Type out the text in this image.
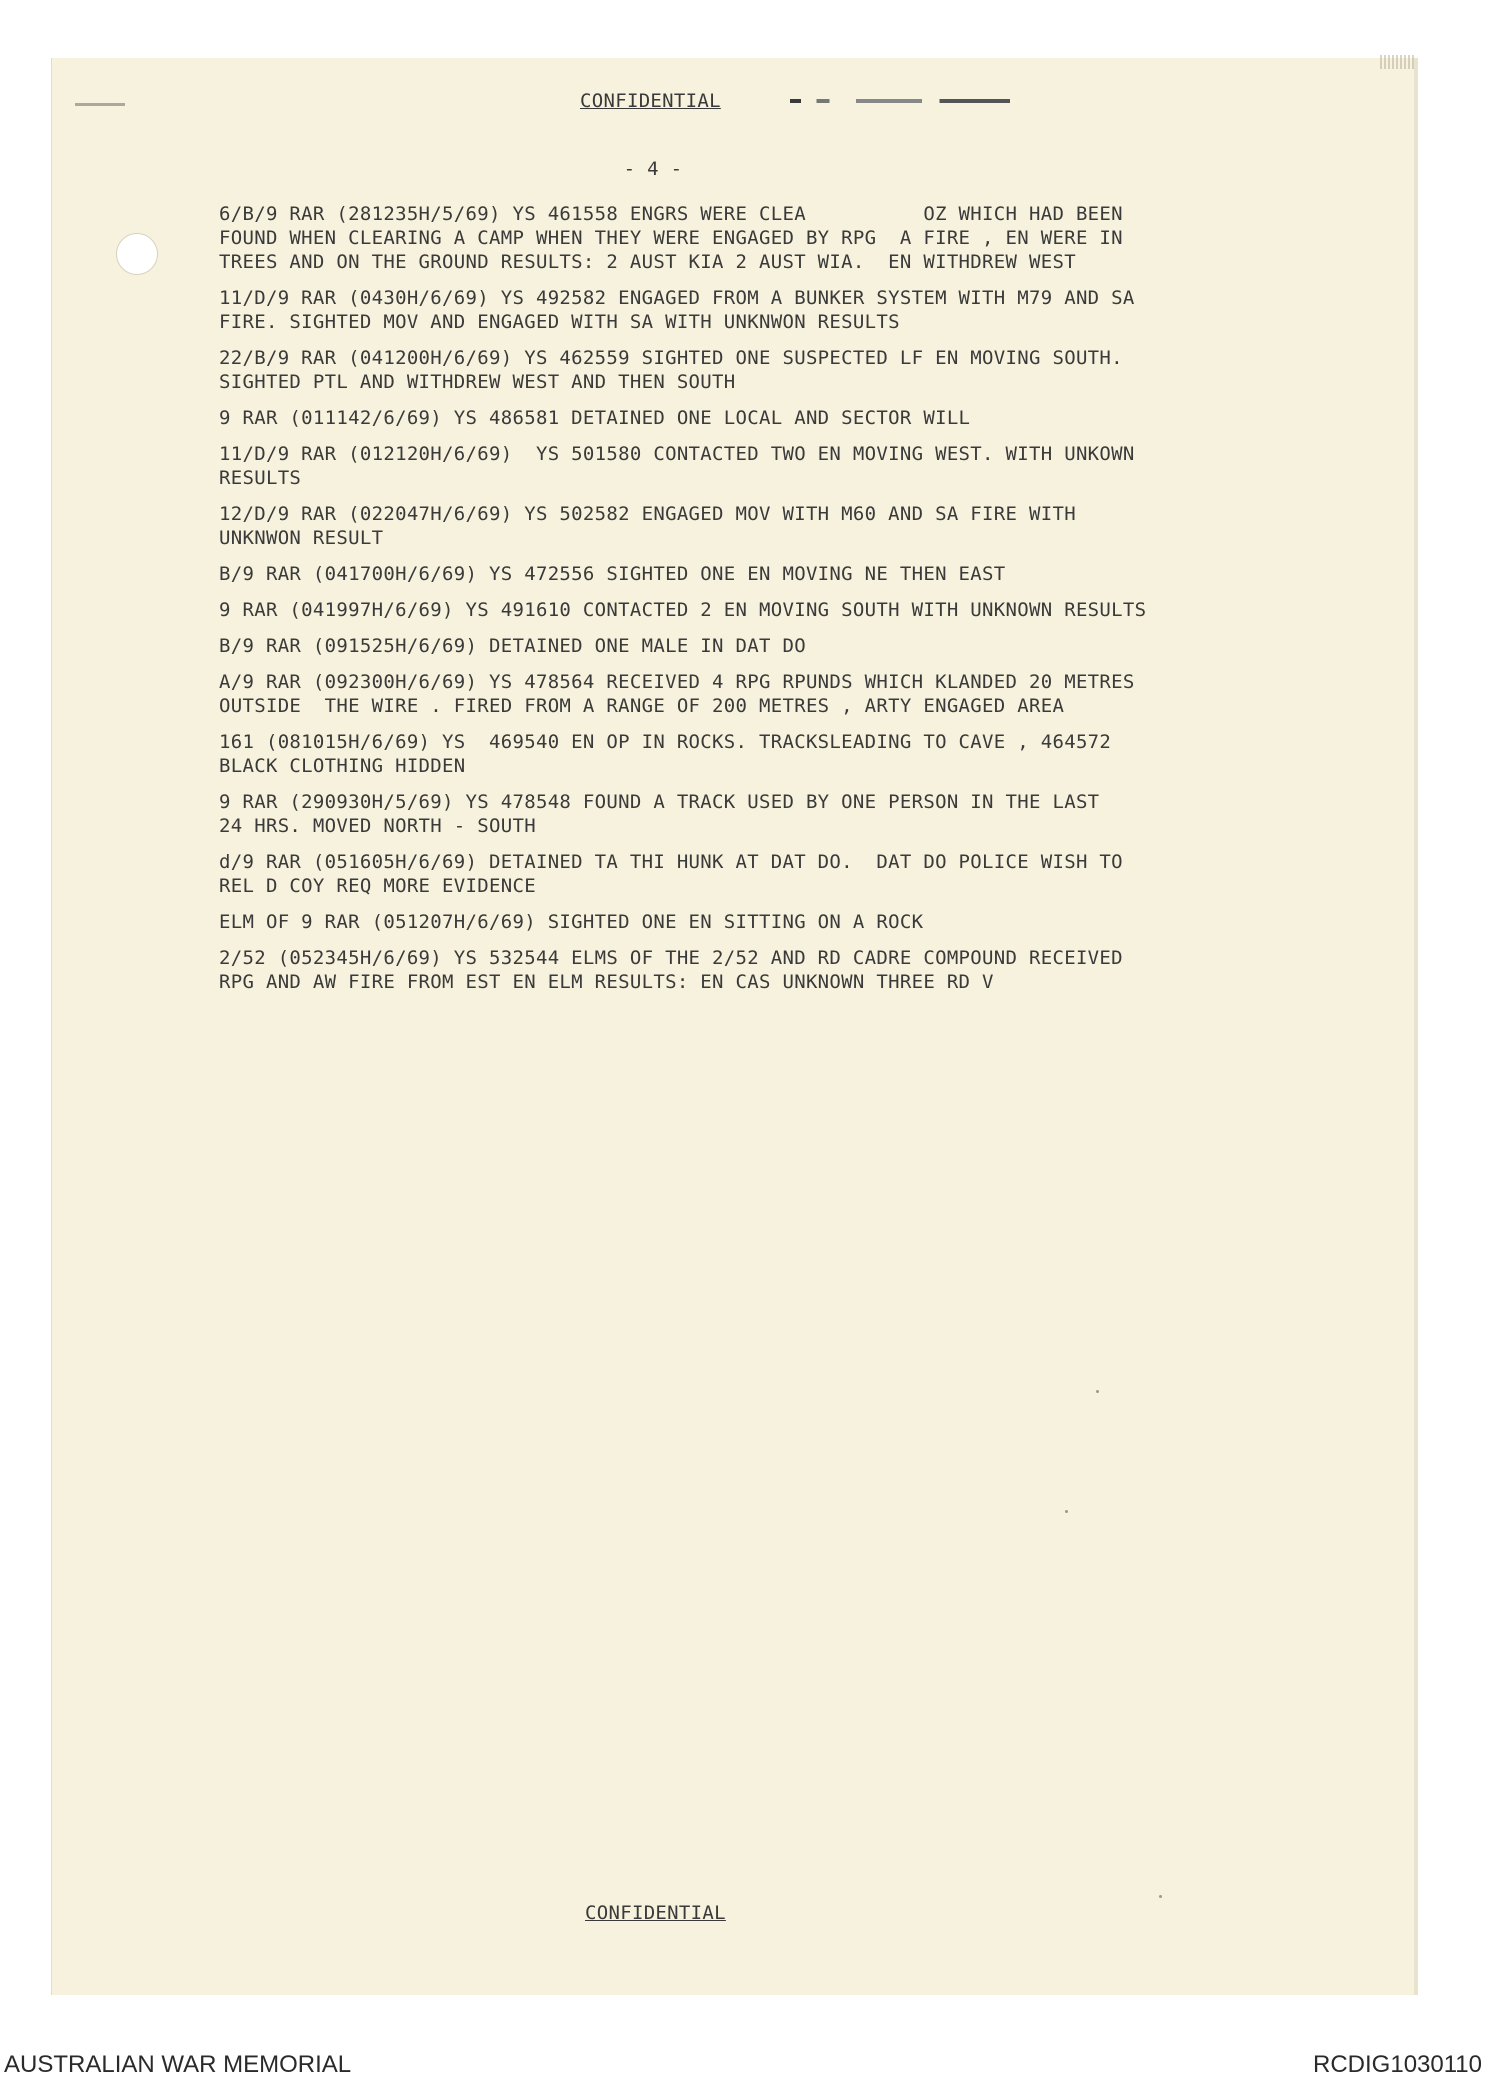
CONFIDENTIAL
- 4 -
6/B/9 RAR (281235H/5/69) YS 461558 ENGRS WERE CLEA          OZ WHICH HAD BEEN
FOUND WHEN CLEARING A CAMP WHEN THEY WERE ENGAGED BY RPG  A FIRE , EN WERE IN
TREES AND ON THE GROUND RESULTS: 2 AUST KIA 2 AUST WIA.  EN WITHDREW WEST
11/D/9 RAR (0430H/6/69) YS 492582 ENGAGED FROM A BUNKER SYSTEM WITH M79 AND SA
FIRE. SIGHTED MOV AND ENGAGED WITH SA WITH UNKNWON RESULTS
22/B/9 RAR (041200H/6/69) YS 462559 SIGHTED ONE SUSPECTED LF EN MOVING SOUTH.
SIGHTED PTL AND WITHDREW WEST AND THEN SOUTH
9 RAR (011142/6/69) YS 486581 DETAINED ONE LOCAL AND SECTOR WILL
11/D/9 RAR (012120H/6/69)  YS 501580 CONTACTED TWO EN MOVING WEST. WITH UNKOWN
RESULTS
12/D/9 RAR (022047H/6/69) YS 502582 ENGAGED MOV WITH M60 AND SA FIRE WITH
UNKNWON RESULT
B/9 RAR (041700H/6/69) YS 472556 SIGHTED ONE EN MOVING NE THEN EAST
9 RAR (041997H/6/69) YS 491610 CONTACTED 2 EN MOVING SOUTH WITH UNKNOWN RESULTS
B/9 RAR (091525H/6/69) DETAINED ONE MALE IN DAT DO
A/9 RAR (092300H/6/69) YS 478564 RECEIVED 4 RPG RPUNDS WHICH KLANDED 20 METRES
OUTSIDE  THE WIRE . FIRED FROM A RANGE OF 200 METRES , ARTY ENGAGED AREA
161 (081015H/6/69) YS  469540 EN OP IN ROCKS. TRACKSLEADING TO CAVE , 464572
BLACK CLOTHING HIDDEN
9 RAR (290930H/5/69) YS 478548 FOUND A TRACK USED BY ONE PERSON IN THE LAST
24 HRS. MOVED NORTH - SOUTH
d/9 RAR (051605H/6/69) DETAINED TA THI HUNK AT DAT DO.  DAT DO POLICE WISH TO
REL D COY REQ MORE EVIDENCE
ELM OF 9 RAR (051207H/6/69) SIGHTED ONE EN SITTING ON A ROCK
2/52 (052345H/6/69) YS 532544 ELMS OF THE 2/52 AND RD CADRE COMPOUND RECEIVED
RPG AND AW FIRE FROM EST EN ELM RESULTS: EN CAS UNKNOWN THREE RD V
CONFIDENTIAL
AUSTRALIAN WAR MEMORIAL	RCDIG1030110
